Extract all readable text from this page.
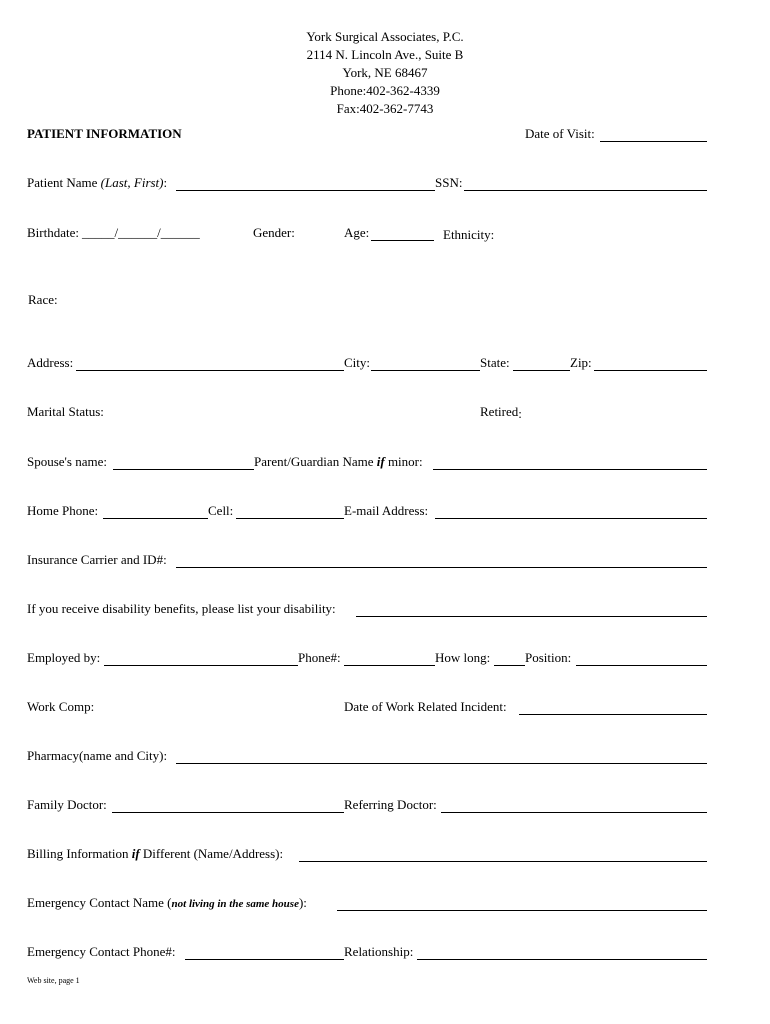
York Surgical Associates, P.C.
2114 N. Lincoln Ave., Suite B
York, NE 68467
Phone:402-362-4339
Fax:402-362-7743
PATIENT INFORMATION	Date of Visit:
Patient Name (Last, First):	SSN:
Birthdate: _____/______/______	Gender:	Age:	Ethnicity:
Race:
Address:	City:	State:	Zip:
Marital Status:	Retired:
Spouse's name:	Parent/Guardian Name if minor:
Home Phone:	Cell:	E-mail Address:
Insurance Carrier and ID#:
If you receive disability benefits, please list your disability:
Employed by:	Phone#:	How long:	Position:
Work Comp:	Date of Work Related Incident:
Pharmacy(name and City):
Family Doctor:	Referring Doctor:
Billing Information if Different (Name/Address):
Emergency Contact Name (not living in the same house):
Emergency Contact Phone#:	Relationship:
Web site, page 1
